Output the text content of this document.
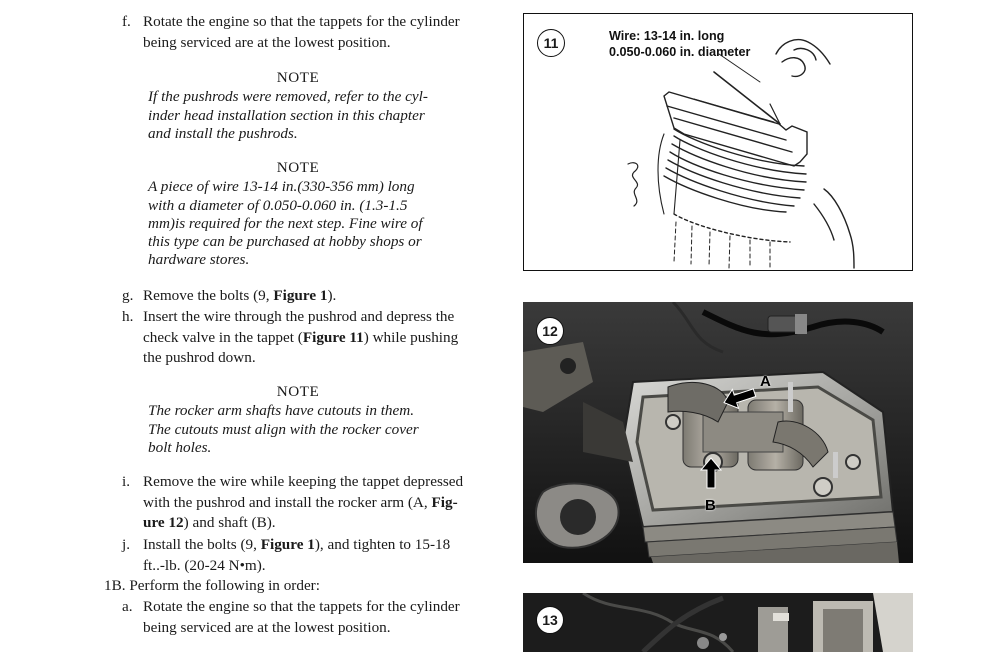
f. Rotate the engine so that the tappets for the cylinder
being serviced are at the lowest position.
NOTE
If the pushrods were removed, refer to the cyl-
inder head installation section in this chapter
and install the pushrods.
NOTE
A piece of wire 13-14 in.(330-356 mm) long
with a diameter of 0.050-0.060 in. (1.3-1.5
mm)is required for the next step. Fine wire of
this type can be purchased at hobby shops or
hardware stores.
g. Remove the bolts (9, Figure 1).
h. Insert the wire through the pushrod and depress the
check valve in the tappet (Figure 11) while pushing
the pushrod down.
NOTE
The rocker arm shafts have cutouts in them.
The cutouts must align with the rocker cover
bolt holes.
i. Remove the wire while keeping the tappet depressed
with the pushrod and install the rocker arm (A, Fig-
ure 12) and shaft (B).
j. Install the bolts (9, Figure 1), and tighten to 15-18
ft..-lb. (20-24 N•m).
1B. Perform the following in order:
a. Rotate the engine so that the tappets for the cylinder
being serviced are at the lowest position.
11	Wire: 13-14 in. long
0.050-0.060 in. diameter
A
B
12
13
